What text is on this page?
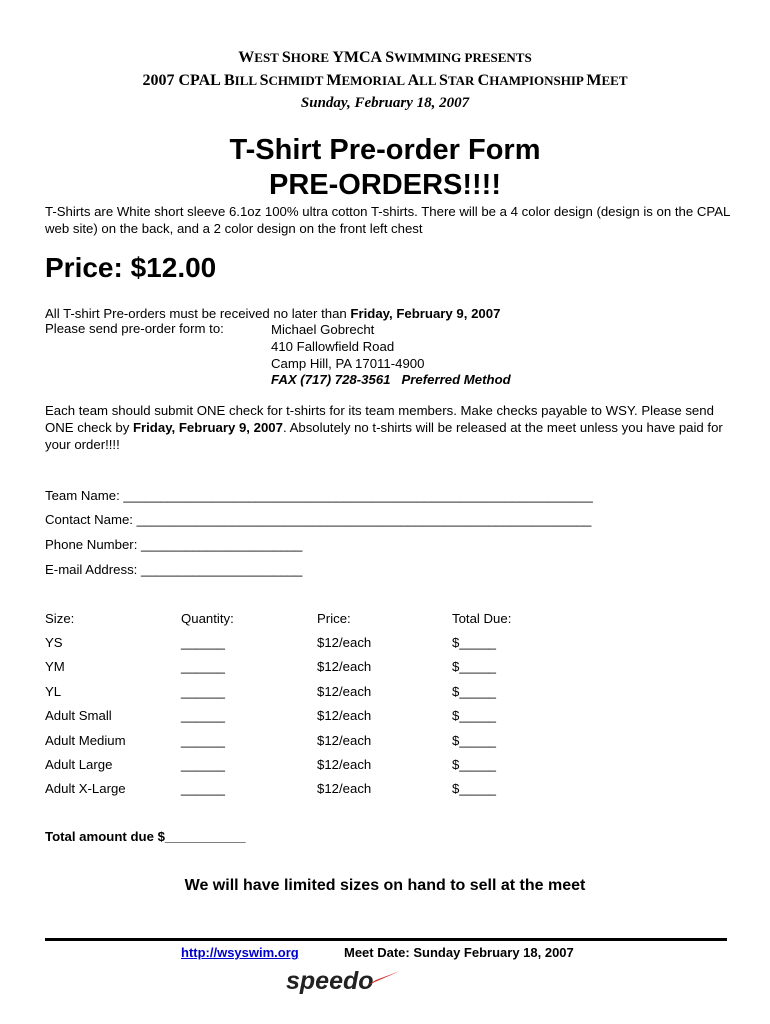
WEST SHORE YMCA SWIMMING PRESENTS
2007 CPAL BILL SCHMIDT MEMORIAL ALL STAR CHAMPIONSHIP MEET
Sunday, February 18, 2007
T-Shirt Pre-order Form
PRE-ORDERS!!!!
T-Shirts are White short sleeve 6.1oz 100% ultra cotton T-shirts. There will be a 4 color design (design is on the CPAL web site) on the back, and a 2 color design on the front left chest
Price: $12.00
All T-shirt Pre-orders must be received no later than Friday, February 9, 2007
Please send pre-order form to:	Michael Gobrecht
410 Fallowfield Road
Camp Hill, PA 17011-4900
FAX (717) 728-3561 Preferred Method
Each team should submit ONE check for t-shirts for its team members. Make checks payable to WSY. Please send ONE check by Friday, February 9, 2007. Absolutely no t-shirts will be released at the meet unless you have paid for your order!!!!
Team Name: ________________________________________________________________
Contact Name: ______________________________________________________________
Phone Number: ______________________
E-mail Address: ______________________
Size:	Quantity:	Price:	Total Due:
YS	______	$12/each	$_____
YM	______	$12/each	$_____
YL	______	$12/each	$_____
Adult Small	______	$12/each	$_____
Adult Medium	______	$12/each	$_____
Adult Large	______	$12/each	$_____
Adult X-Large	______	$12/each	$_____
Total amount due $___________
We will have limited sizes on hand to sell at the meet
http://wsyswim.org	Meet Date: Sunday February 18, 2007
speedo
